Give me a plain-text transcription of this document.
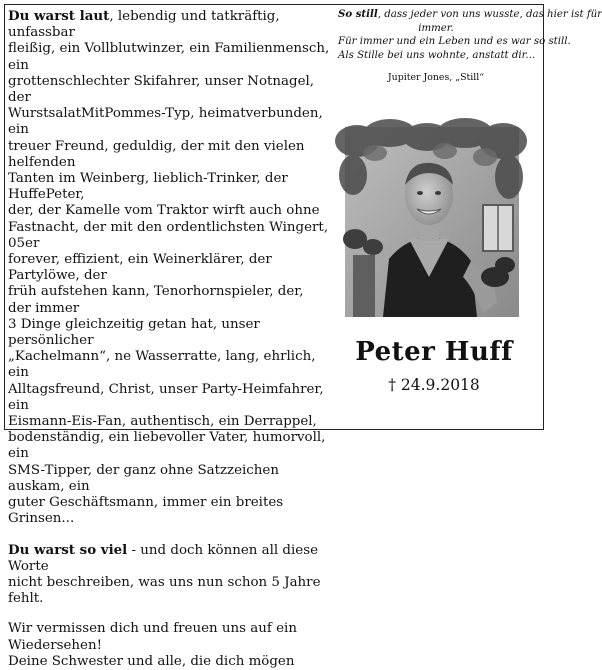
Du warst laut, lebendig und tatkräftig, unfassbar

fleißig, ein Vollblutwinzer, ein Familienmensch, ein

grottenschlechter Skifahrer, unser Notnagel, der

WurstsalatMitPommes-Typ, heimatverbunden, ein

treuer Freund, geduldig, der mit den vielen helfenden

Tanten im Weinberg, lieblich-Trinker, der HuffePeter,

der, der Kamelle vom Traktor wirft auch ohne

Fastnacht, der mit den ordentlichsten Wingert, 05er

forever, effizient, ein Weinerklärer, der Partylöwe, der

früh aufstehen kann, Tenorhornspieler, der, der immer

3 Dinge gleichzeitig getan hat, unser persönlicher

„Kachelmann“, ne Wasserratte, lang, ehrlich, ein

Alltagsfreund, Christ, unser Party-Heimfahrer, ein

Eismann-Eis-Fan, authentisch, ein Derrappel,

bodenständig, ein liebevoller Vater, humorvoll, ein

SMS-Tipper, der ganz ohne Satzzeichen auskam, ein

guter Geschäftsmann, immer ein breites Grinsen...

Du warst so viel - und doch können all diese Worte

nicht beschreiben, was uns nun schon 5 Jahre fehlt.

Wir vermissen dich und freuen uns auf ein

Wiedersehen!

Deine Schwester und alle, die dich mögen

So still, dass jeder von uns wusste, das hier ist für
immer.
Für immer und ein Leben und es war so still.
Als Stille bei uns wohnte, anstatt dir...
Jupiter Jones, „Still“
Peter Huff
† 24.9.2018
